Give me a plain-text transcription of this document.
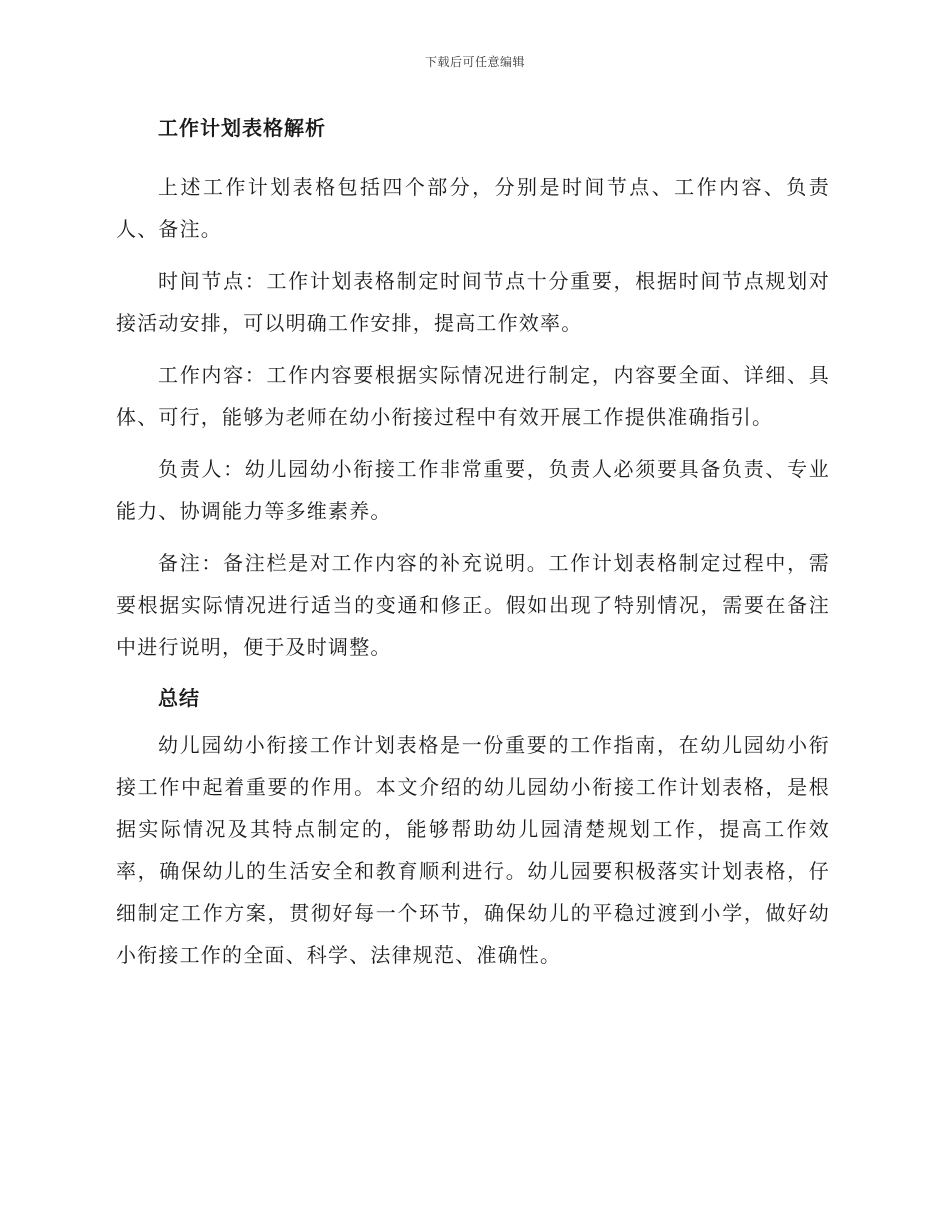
下载后可任意编辑
工作计划表格解析

上述工作计划表格包括四个部分，分别是时间节点、工作内容、负责人、备注。

时间节点：工作计划表格制定时间节点十分重要，根据时间节点规划对接活动安排，可以明确工作安排，提高工作效率。

工作内容：工作内容要根据实际情况进行制定，内容要全面、详细、具体、可行，能够为老师在幼小衔接过程中有效开展工作提供准确指引。

负责人：幼儿园幼小衔接工作非常重要，负责人必须要具备负责、专业能力、协调能力等多维素养。

备注：备注栏是对工作内容的补充说明。工作计划表格制定过程中，需要根据实际情况进行适当的变通和修正。假如出现了特别情况，需要在备注中进行说明，便于及时调整。

总结

幼儿园幼小衔接工作计划表格是一份重要的工作指南，在幼儿园幼小衔接工作中起着重要的作用。本文介绍的幼儿园幼小衔接工作计划表格，是根据实际情况及其特点制定的，能够帮助幼儿园清楚规划工作，提高工作效率，确保幼儿的生活安全和教育顺利进行。幼儿园要积极落实计划表格，仔细制定工作方案，贯彻好每一个环节，确保幼儿的平稳过渡到小学，做好幼小衔接工作的全面、科学、法律规范、准确性。
